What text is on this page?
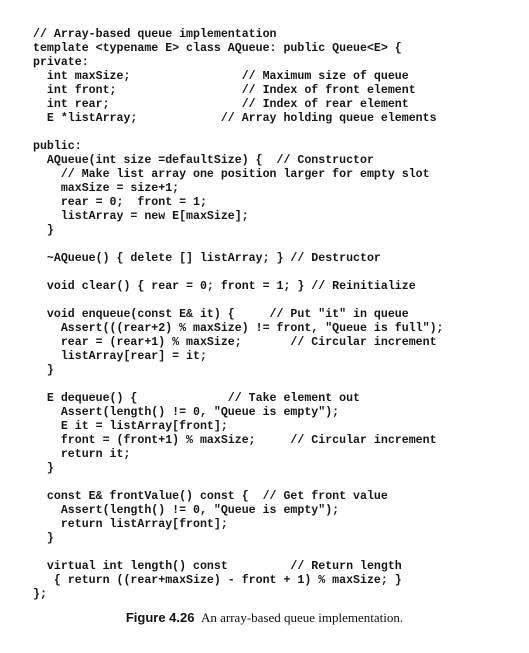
// Array-based queue implementation
template <typename E> class AQueue: public Queue<E> {
private:
int maxSize;                // Maximum size of queue
int front;                  // Index of front element
int rear;                   // Index of rear element
E *listArray;            // Array holding queue elements
public:
AQueue(int size =defaultSize) {  // Constructor
// Make list array one position larger for empty slot
maxSize = size+1;
rear = 0;  front = 1;
listArray = new E[maxSize];
}
~AQueue() { delete [] listArray; } // Destructor
void clear() { rear = 0; front = 1; } // Reinitialize
void enqueue(const E& it) {     // Put "it" in queue
Assert(((rear+2) % maxSize) != front, "Queue is full");
rear = (rear+1) % maxSize;       // Circular increment
listArray[rear] = it;
}
E dequeue() {             // Take element out
Assert(length() != 0, "Queue is empty");
E it = listArray[front];
front = (front+1) % maxSize;     // Circular increment
return it;
}
const E& frontValue() const {  // Get front value
Assert(length() != 0, "Queue is empty");
return listArray[front];
}
virtual int length() const         // Return length
{ return ((rear+maxSize) - front + 1) % maxSize; }
};
Figure 4.26 An array-based queue implementation.
